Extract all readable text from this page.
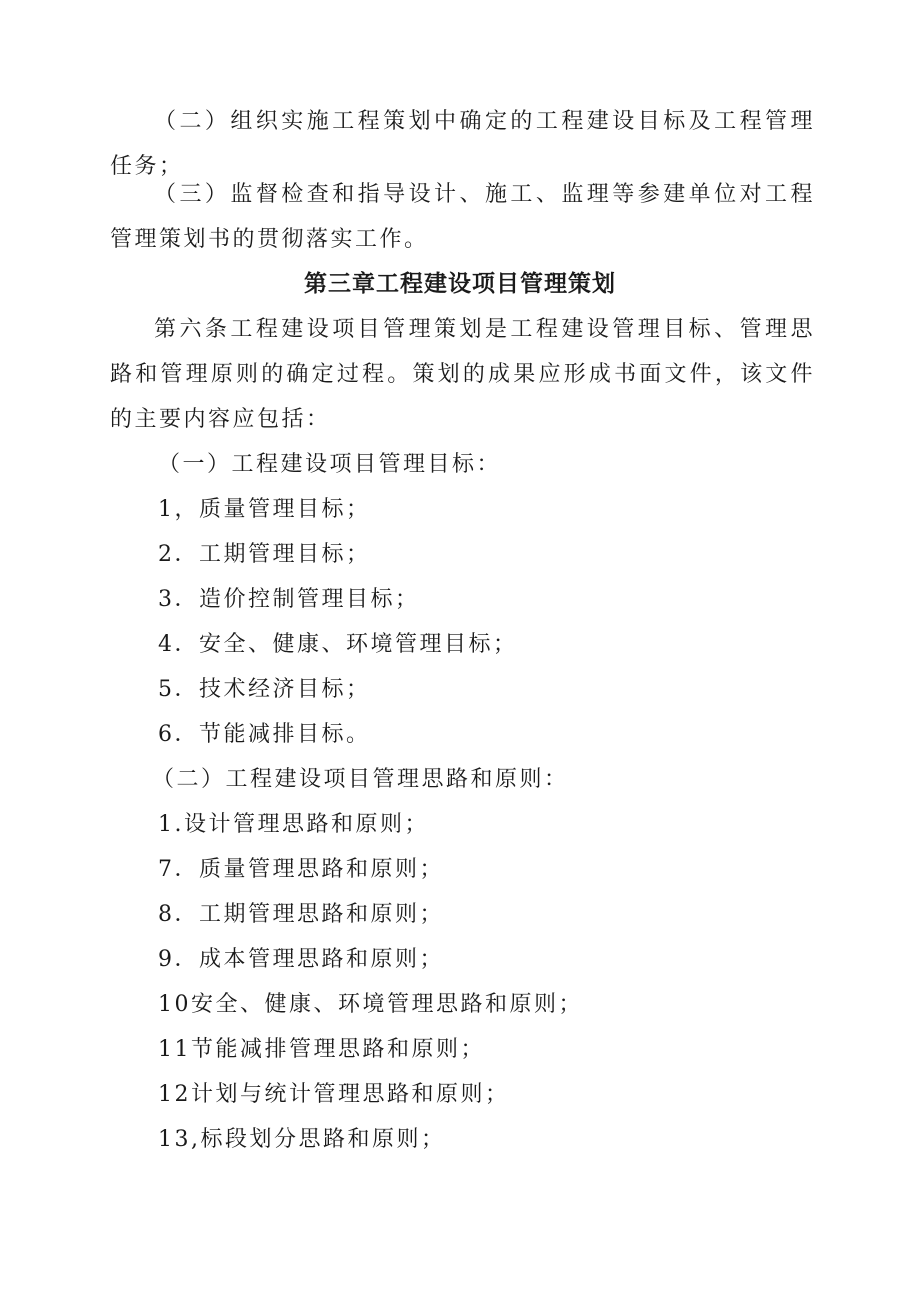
（二）组织实施工程策划中确定的工程建设目标及工程管理任务；

（三）监督检查和指导设计、施工、监理等参建单位对工程管理策划书的贯彻落实工作。

第三章工程建设项目管理策划

第六条工程建设项目管理策划是工程建设管理目标、管理思路和管理原则的确定过程。策划的成果应形成书面文件，该文件的主要内容应包括：

（一）工程建设项目管理目标：

1，质量管理目标；

2．工期管理目标；

3．造价控制管理目标；

4．安全、健康、环境管理目标；

5．技术经济目标；

6．节能减排目标。

（二）工程建设项目管理思路和原则：

1.设计管理思路和原则；

7．质量管理思路和原则；

8．工期管理思路和原则；

9．成本管理思路和原则；

10安全、健康、环境管理思路和原则；

11节能减排管理思路和原则；

12计划与统计管理思路和原则；

13,标段划分思路和原则；
